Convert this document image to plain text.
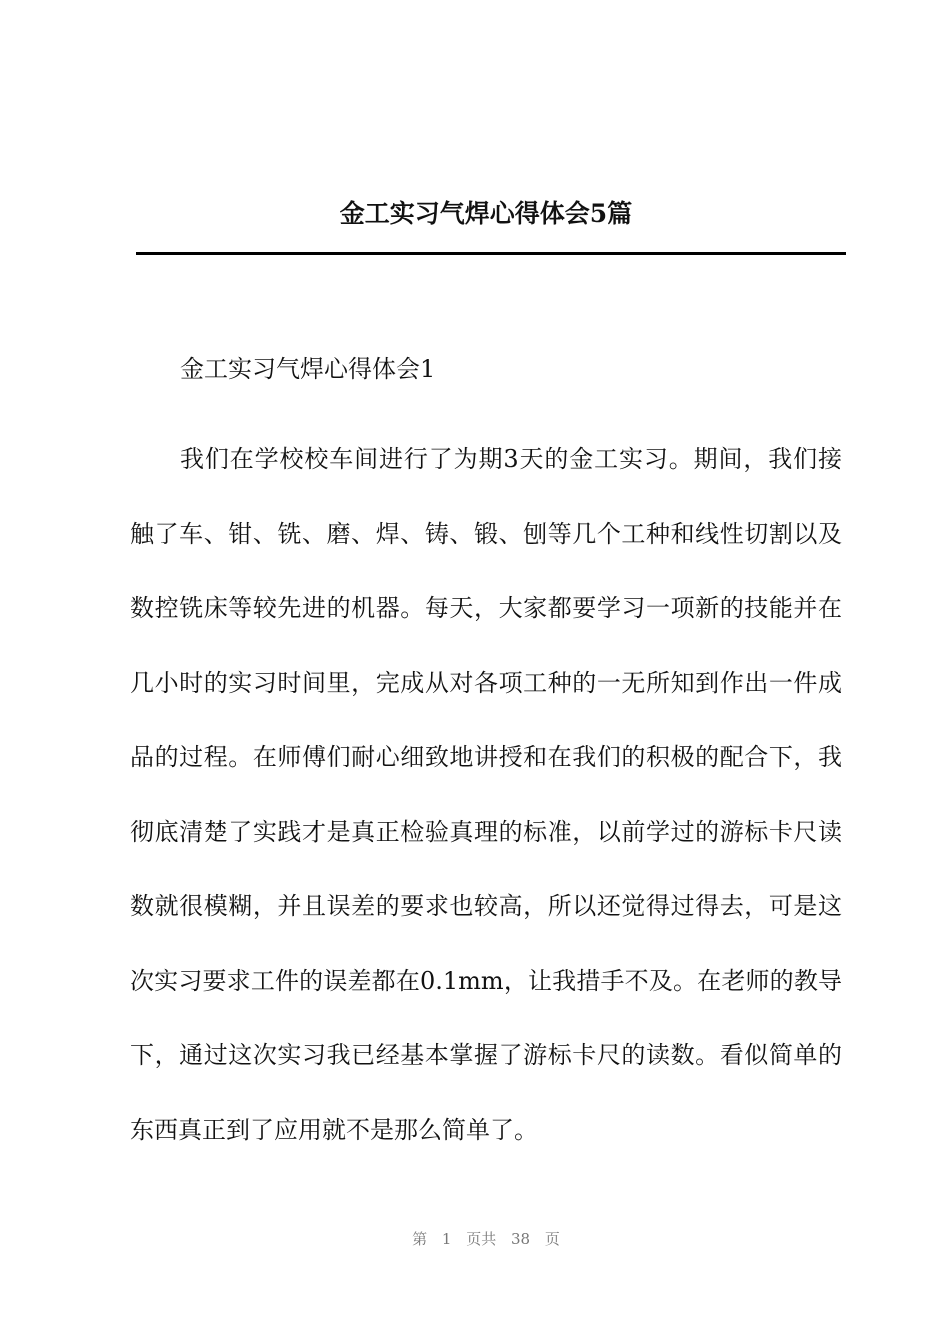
金工实习气焊心得体会5篇
金工实习气焊心得体会1

我们在学校校车间进行了为期3天的金工实习。期间，我们接触了车、钳、铣、磨、焊、铸、锻、刨等几个工种和线性切割以及数控铣床等较先进的机器。每天，大家都要学习一项新的技能并在几小时的实习时间里，完成从对各项工种的一无所知到作出一件成品的过程。在师傅们耐心细致地讲授和在我们的积极的配合下，我彻底清楚了实践才是真正检验真理的标准，以前学过的游标卡尺读数就很模糊，并且误差的要求也较高，所以还觉得过得去，可是这次实习要求工件的误差都在0.1mm，让我措手不及。在老师的教导下，通过这次实习我已经基本掌握了游标卡尺的读数。看似简单的东西真正到了应用就不是那么简单了。

第 1 页共 38 页
